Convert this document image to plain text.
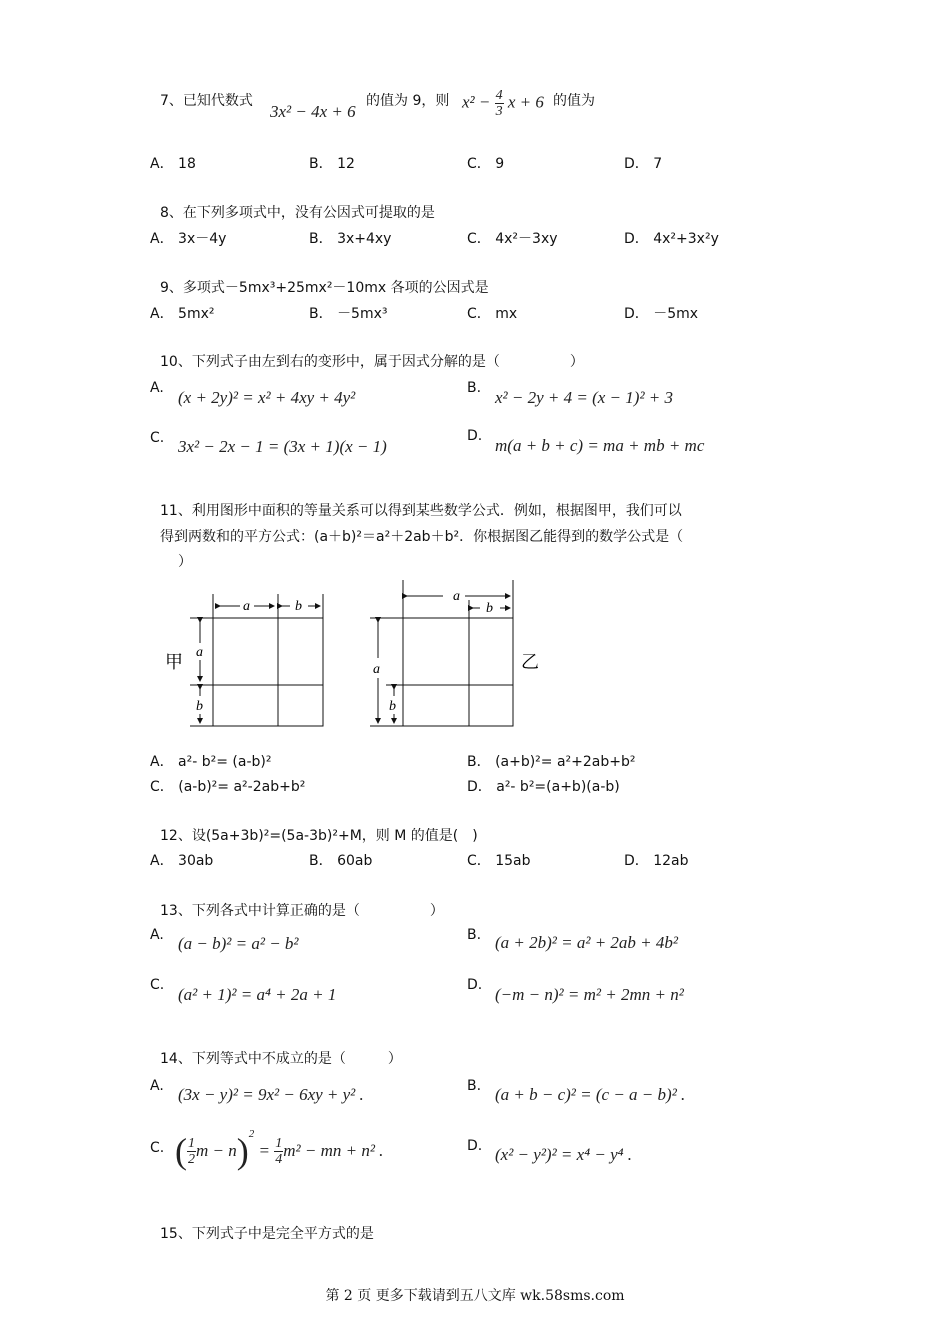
7、已知代数式
3x² − 4x + 6
的值为 9，则 $x^2 - \frac{4}{3}$ x + 6 的值为
A． 18	B． 12	C． 9	D． 7
8、在下列多项式中，没有公因式可提取的是
A． 3x－4y	B． 3x+4xy	C． 4x²－3xy	D． 4x²+3x²y
9、多项式－5mx³+25mx²－10mx 各项的公因式是
A． 5mx²	B． －5mx³	C． mx	D． －5mx
10、下列式子由左到右的变形中，属于因式分解的是（　　　　　）
A. (x + 2y)² = x² + 4xy + 4y²	B. x² − 2y + 4 = (x − 1)² + 3
C. 3x² − 2x − 1 = (3x + 1)(x − 1)
D. m(a + b + c) = ma + mb + mc
11、利用图形中面积的等量关系可以得到某些数学公式．例如，根据图甲，我们可以
得到两数和的平方公式：(a＋b)²＝a²＋2ab＋b²．你根据图乙能得到的数学公式是（
）
a	b
a
b
甲
a
b
a
b
乙
A． a²- b²= (a-b)²	B． (a+b)²= a²+2ab+b²
C． (a-b)²= a²-2ab+b²	D． a²- b²=(a+b)(a-b)
12、设(5a+3b)²=(5a-3b)²+M，则 M 的值是(　)
A． 30ab	B． 60ab	C． 15ab	D． 12ab
13、下列各式中计算正确的是（　　　　　）
A. (a − b)² = a² − b²	B. (a + 2b)² = a² + 2ab + 4b²
C. (a² + 1)² = a⁴ + 2a + 1	D. (−m − n)² = m² + 2mn + n²
14、下列等式中不成立的是（　　　）
A. (3x − y)² = 9x² − 6xy + y² .	B. (a + b − c)² = (c − a − b)² .
C. ( $\frac{1}{2}$ $m - n)^2 = \frac{1}{4} m^2$ − mn + n² .	D. (x² − y²)² = x⁴ − y⁴ .
15、下列式子中是完全平方式的是
第 2 页 更多下载请到五八文库 wk.58sms.com
